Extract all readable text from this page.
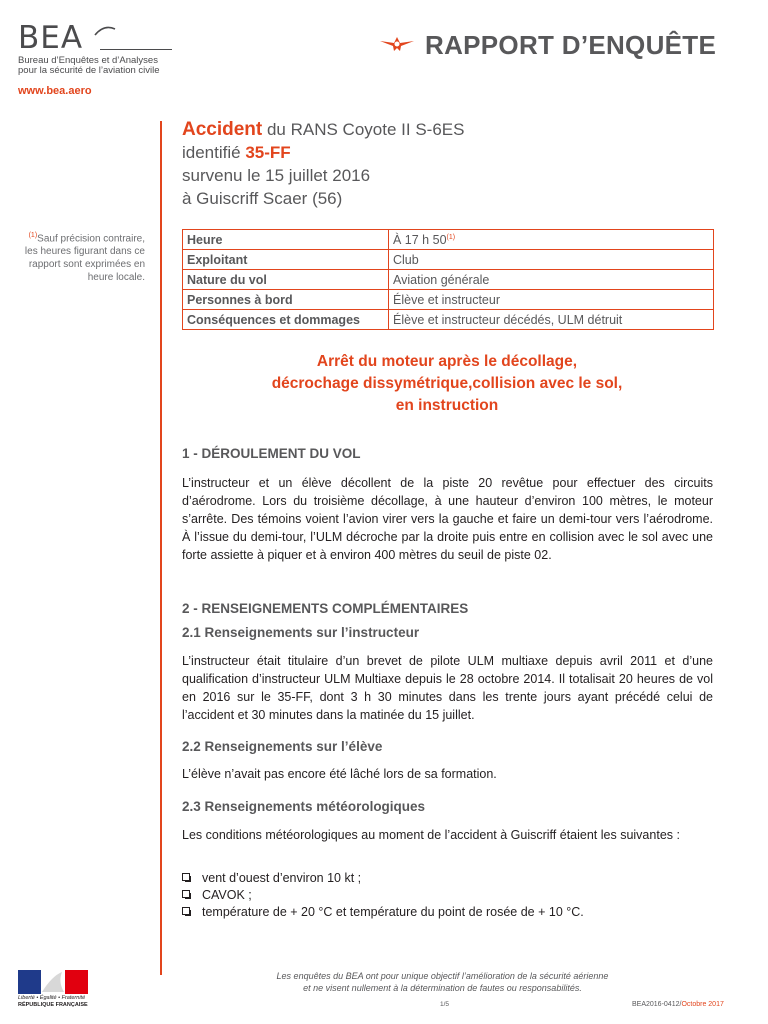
BEA
Bureau d’Enquêtes et d’Analyses
pour la sécurité de l’aviation civile
www.bea.aero
RAPPORT D’ENQUÊTE
$^{(1)}$Sauf précision contraire, les heures figurant dans ce rapport sont exprimées en heure locale.
Accident du RANS Coyote II S-6ES
identifié 35-FF
survenu le 15 juillet 2016
à Guiscriff Scaer (56)
Heure	À 17 h 50$^{(1)}$
Exploitant	Club
Nature du vol	Aviation générale
Personnes à bord	Élève et instructeur
Conséquences et dommages	Élève et instructeur décédés, ULM détruit
Arrêt du moteur après le décollage,
décrochage dissymétrique,collision avec le sol,
en instruction
1 - DÉROULEMENT DU VOL
L’instructeur et un élève décollent de la piste 20 revêtue pour effectuer des circuits d’aérodrome. Lors du troisième décollage, à une hauteur d’environ 100 mètres, le moteur s’arrête. Des témoins voient l’avion virer vers la gauche et faire un demi-tour vers l’aérodrome. À l’issue du demi-tour, l’ULM décroche par la droite puis entre en collision avec le sol avec une forte assiette à piquer et à environ 400 mètres du seuil de piste 02.
2 - RENSEIGNEMENTS COMPLÉMENTAIRES
2.1 Renseignements sur l’instructeur
L’instructeur était titulaire d’un brevet de pilote ULM multiaxe depuis avril 2011 et d’une qualification d’instructeur ULM Multiaxe depuis le 28 octobre 2014. Il totalisait 20 heures de vol en 2016 sur le 35-FF, dont 3 h 30 minutes dans les trente jours ayant précédé celui de l’accident et 30 minutes dans la matinée du 15 juillet.
2.2 Renseignements sur l’élève
L’élève n’avait pas encore été lâché lors de sa formation.
2.3 Renseignements météorologiques
Les conditions météorologiques au moment de l’accident à Guiscriff étaient les suivantes :
vent d’ouest d’environ 10 kt ;
CAVOK ;
température de + 20 °C et température du point de rosée de + 10 °C.
Liberté • Égalité • Fraternité
RÉPUBLIQUE FRANÇAISE
Les enquêtes du BEA ont pour unique objectif l’amélioration de la sécurité aérienne
et ne visent nullement à la détermination de fautes ou responsabilités.
1/5	BEA2016-0412/Octobre 2017
